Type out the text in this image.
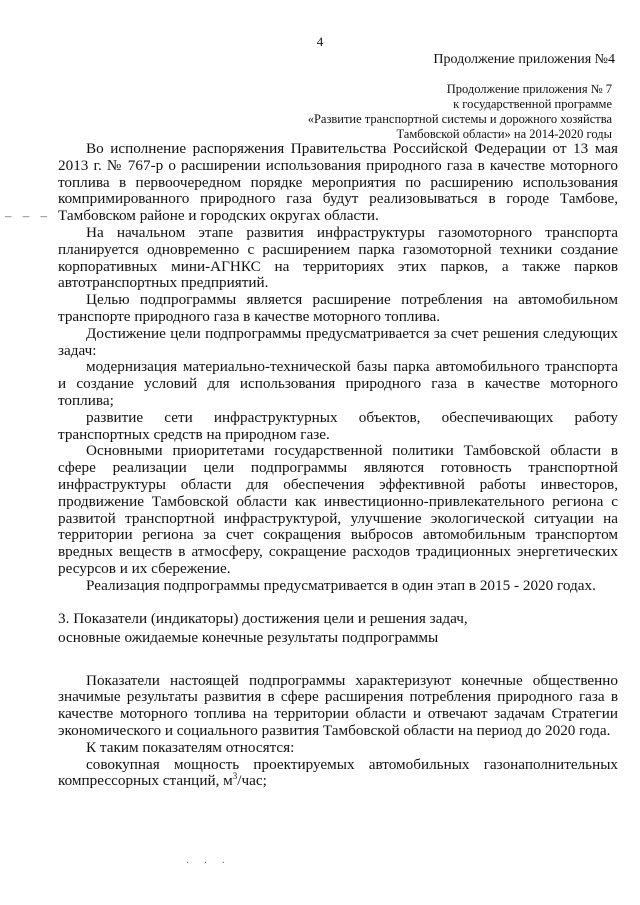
4
Продолжение приложения №4
Продолжение приложения № 7
к государственной программе
«Развитие транспортной системы и дорожного хозяйства
Тамбовской области» на 2014-2020 годы
– – –

Во исполнение распоряжения Правительства Российской Федерации от 13 мая 2013 г. № 767-р о расширении использования природного газа в качестве моторного топлива в первоочередном порядке мероприятия по расширению использования компримированного природного газа будут реализовываться в городе Тамбове, Тамбовском районе и городских округах области.

На начальном этапе развития инфраструктуры газомоторного транспорта планируется одновременно с расширением парка газомоторной техники создание корпоративных мини-АГНКС на территориях этих парков, а также парков автотранспортных предприятий.

Целью подпрограммы является расширение потребления на автомобильном транспорте природного газа в качестве моторного топлива.

Достижение цели подпрограммы предусматривается за счет решения следующих задач:

модернизация материально-технической базы парка автомобильного транспорта и создание условий для использования природного газа в качестве моторного топлива;

развитие сети инфраструктурных объектов, обеспечивающих работу транспортных средств на природном газе.

Основными приоритетами государственной политики Тамбовской области в сфере реализации цели подпрограммы являются готовность транспортной инфраструктуры области для обеспечения эффективной работы инвесторов, продвижение Тамбовской области как инвестиционно-привлекательного региона с развитой транспортной инфраструктурой, улучшение экологической ситуации на территории региона за счет сокращения выбросов автомобильным транспортом вредных веществ в атмосферу, сокращение расходов традиционных энергетических ресурсов и их сбережение.

Реализация подпрограммы предусматривается в один этап в 2015 - 2020 годах.

3. Показатели (индикаторы) достижения цели и решения задач,
основные ожидаемые конечные результаты подпрограммы

Показатели настоящей подпрограммы характеризуют конечные общественно значимые результаты развития в сфере расширения потребления природного газа в качестве моторного топлива на территории области и отвечают задачам Стратегии экономического и социального развития Тамбовской области на период до 2020 года.

К таким показателям относятся:

совокупная мощность проектируемых автомобильных газонаполнительных компрессорных станций, $м^3$/час;

· · ·
